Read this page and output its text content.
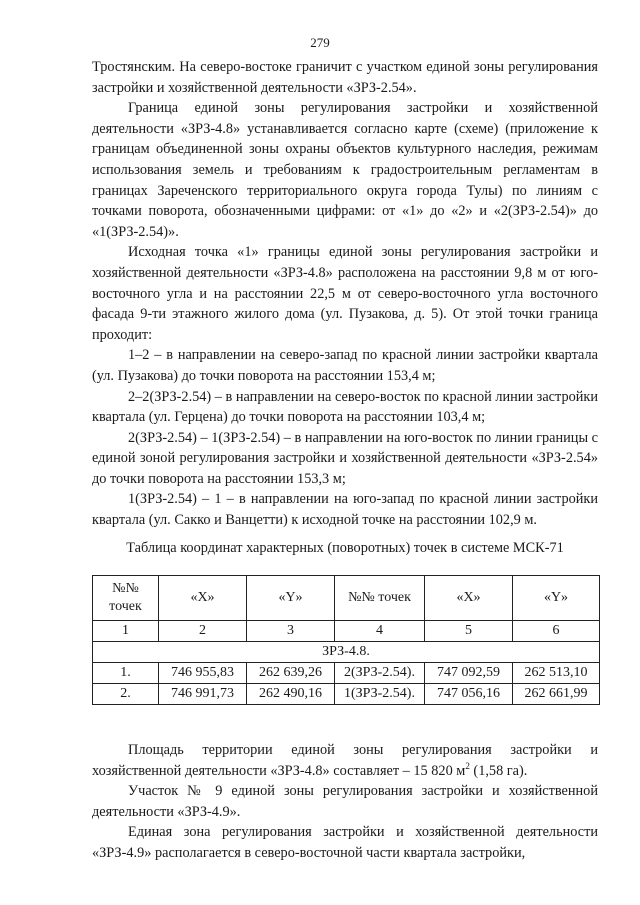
279

Тростянским. На северо-востоке граничит с участком единой зоны регулирования застройки и хозяйственной деятельности «ЗРЗ-2.54».

Граница единой зоны регулирования застройки и хозяйственной деятельности «ЗРЗ-4.8» устанавливается согласно карте (схеме) (приложение к границам объединенной зоны охраны объектов культурного наследия, режимам использования земель и требованиям к градостроительным регламентам в границах Зареченского территориального округа города Тулы) по линиям с точками поворота, обозначенными цифрами: от «1» до «2» и «2(ЗРЗ-2.54)» до «1(ЗРЗ-2.54)».

Исходная точка «1» границы единой зоны регулирования застройки и хозяйственной деятельности «ЗРЗ-4.8» расположена на расстоянии 9,8 м от юго-восточного угла и на расстоянии 22,5 м от северо-восточного угла восточного фасада 9-ти этажного жилого дома (ул. Пузакова, д. 5). От этой точки граница проходит:

1–2 – в направлении на северо-запад по красной линии застройки квартала (ул. Пузакова) до точки поворота на расстоянии 153,4 м;

2–2(ЗРЗ-2.54) – в направлении на северо-восток по красной линии застройки квартала (ул. Герцена) до точки поворота на расстоянии 103,4 м;

2(ЗРЗ-2.54) – 1(ЗРЗ-2.54) – в направлении на юго-восток по линии границы с единой зоной регулирования застройки и хозяйственной деятельности «ЗРЗ-2.54» до точки поворота на расстоянии 153,3 м;

1(ЗРЗ-2.54) – 1 – в направлении на юго-запад по красной линии застройки квартала (ул. Сакко и Ванцетти) к исходной точке на расстоянии 102,9 м.

Таблица координат характерных (поворотных) точек в системе МСК-71
№№ точек	«X»	«Y»	№№ точек	«X»	«Y»
1	2	3	4	5	6
ЗРЗ-4.8.					
1.	746 955,83	262 639,26	2(ЗРЗ-2.54).	747 092,59	262 513,10
2.	746 991,73	262 490,16	1(ЗРЗ-2.54).	747 056,16	262 661,99

Площадь территории единой зоны регулирования застройки и хозяйственной деятельности «ЗРЗ-4.8» составляет – 15 820 $м^2$ (1,58 га).

Участок № 9 единой зоны регулирования застройки и хозяйственной деятельности «ЗРЗ-4.9».

Единая зона регулирования застройки и хозяйственной деятельности «ЗРЗ-4.9» располагается в северо-восточной части квартала застройки,
